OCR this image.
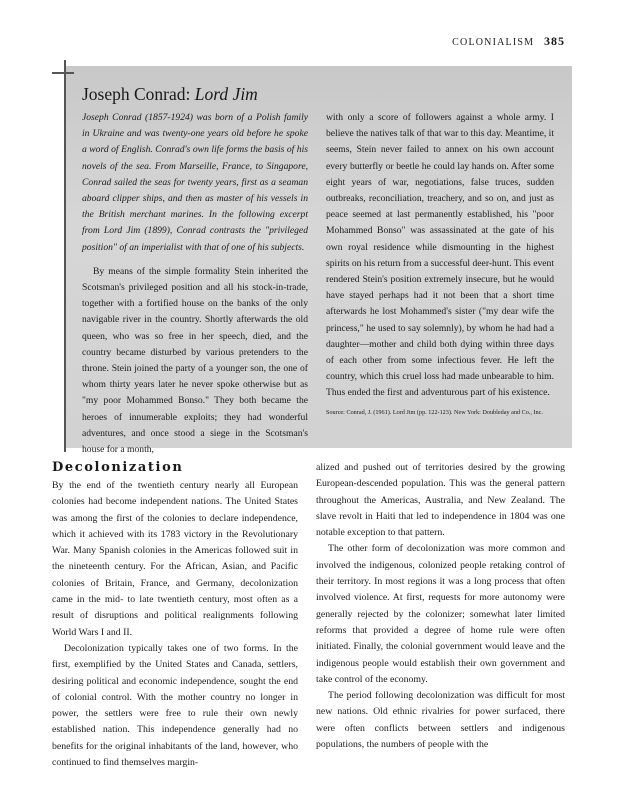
COLONIALISM 385
Joseph Conrad: Lord Jim

Joseph Conrad (1857-1924) was born of a Polish family in Ukraine and was twenty-one years old before he spoke a word of English. Conrad's own life forms the basis of his novels of the sea. From Marseille, France, to Singapore, Conrad sailed the seas for twenty years, first as a seaman aboard clipper ships, and then as master of his vessels in the British merchant marines. In the following excerpt from Lord Jim (1899), Conrad contrasts the "privileged position" of an imperialist with that of one of his subjects.

By means of the simple formality Stein inherited the Scotsman's privileged position and all his stock-in-trade, together with a fortified house on the banks of the only navigable river in the country. Shortly afterwards the old queen, who was so free in her speech, died, and the country became disturbed by various pretenders to the throne. Stein joined the party of a younger son, the one of whom thirty years later he never spoke otherwise but as "my poor Mohammed Bonso." They both became the heroes of innumerable exploits; they had wonderful adventures, and once stood a siege in the Scotsman's house for a month,

with only a score of followers against a whole army. I believe the natives talk of that war to this day. Meantime, it seems, Stein never failed to annex on his own account every butterfly or beetle he could lay hands on. After some eight years of war, negotiations, false truces, sudden outbreaks, reconciliation, treachery, and so on, and just as peace seemed at last permanently established, his "poor Mohammed Bonso" was assassinated at the gate of his own royal residence while dismounting in the highest spirits on his return from a successful deer-hunt. This event rendered Stein's position extremely insecure, but he would have stayed perhaps had it not been that a short time afterwards he lost Mohammed's sister ("my dear wife the princess," he used to say solemnly), by whom he had had a daughter—mother and child both dying within three days of each other from some infectious fever. He left the country, which this cruel loss had made unbearable to him. Thus ended the first and adventurous part of his existence.

Source: Conrad, J. (1961). Lord Jim (pp. 122-123). New York: Doubleday and Co., Inc.
Decolonization

By the end of the twentieth century nearly all European colonies had become independent nations. The United States was among the first of the colonies to declare independence, which it achieved with its 1783 victory in the Revolutionary War. Many Spanish colonies in the Americas followed suit in the nineteenth century. For the African, Asian, and Pacific colonies of Britain, France, and Germany, decolonization came in the mid- to late twentieth century, most often as a result of disruptions and political realignments following World Wars I and II.

Decolonization typically takes one of two forms. In the first, exemplified by the United States and Canada, settlers, desiring political and economic independence, sought the end of colonial control. With the mother country no longer in power, the settlers were free to rule their own newly established nation. This independence generally had no benefits for the original inhabitants of the land, however, who continued to find themselves margin-

alized and pushed out of territories desired by the growing European-descended population. This was the general pattern throughout the Americas, Australia, and New Zealand. The slave revolt in Haiti that led to independence in 1804 was one notable exception to that pattern.

The other form of decolonization was more common and involved the indigenous, colonized people retaking control of their territory. In most regions it was a long process that often involved violence. At first, requests for more autonomy were generally rejected by the colonizer; somewhat later limited reforms that provided a degree of home rule were often initiated. Finally, the colonial government would leave and the indigenous people would establish their own government and take control of the economy.

The period following decolonization was difficult for most new nations. Old ethnic rivalries for power surfaced, there were often conflicts between settlers and indigenous populations, the numbers of people with the
